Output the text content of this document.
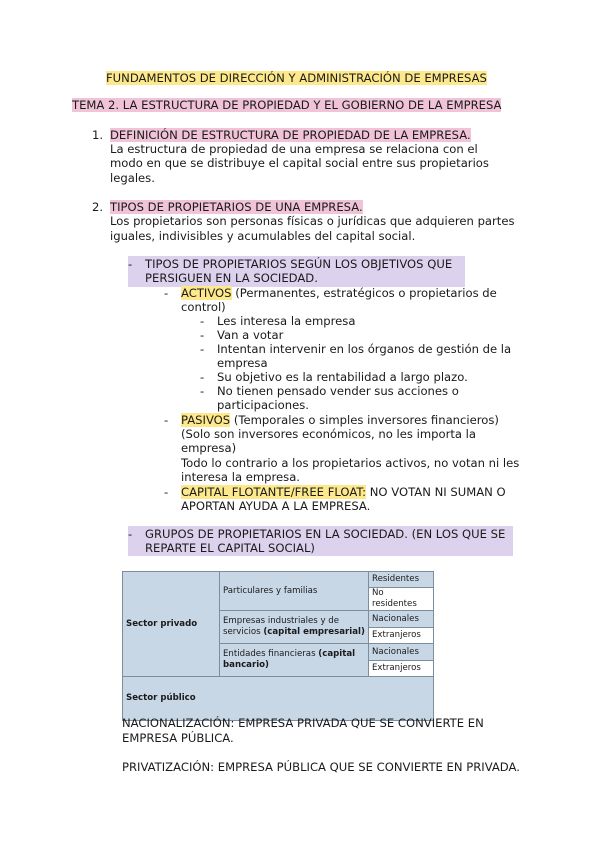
FUNDAMENTOS DE DIRECCIÓN Y ADMINISTRACIÓN DE EMPRESAS
TEMA 2. LA ESTRUCTURA DE PROPIEDAD Y EL GOBIERNO DE LA EMPRESA
1. DEFINICIÓN DE ESTRUCTURA DE PROPIEDAD DE LA EMPRESA.
La estructura de propiedad de una empresa se relaciona con el
modo en que se distribuye el capital social entre sus propietarios
legales.
2. TIPOS DE PROPIETARIOS DE UNA EMPRESA.
Los propietarios son personas físicas o jurídicas que adquieren partes
iguales, indivisibles y acumulables del capital social.
- TIPOS DE PROPIETARIOS SEGÚN LOS OBJETIVOS QUE
PERSIGUEN EN LA SOCIEDAD.
- ACTIVOS (Permanentes, estratégicos o propietarios de
control)
- Les interesa la empresa
- Van a votar
- Intentan intervenir en los órganos de gestión de la
empresa
- Su objetivo es la rentabilidad a largo plazo.
- No tienen pensado vender sus acciones o
participaciones.
- PASIVOS (Temporales o simples inversores financieros)
(Solo son inversores económicos, no les importa la
empresa)
Todo lo contrario a los propietarios activos, no votan ni les
interesa la empresa.
- CAPITAL FLOTANTE/FREE FLOAT: NO VOTAN NI SUMAN O
APORTAN AYUDA A LA EMPRESA.
- GRUPOS DE PROPIETARIOS EN LA SOCIEDAD. (EN LOS QUE SE
REPARTE EL CAPITAL SOCIAL)
Sector privado	Particulares y familias	Residentes
		No residentes
	Empresas industriales y de servicios (capital empresarial)	Nacionales
		Extranjeros
	Entidades financieras (capital bancario)	Nacionales
		Extranjeros
Sector público		
NACIONALIZACIÓN: EMPRESA PRIVADA QUE SE CONVIERTE EN
EMPRESA PÚBLICA.
PRIVATIZACIÓN: EMPRESA PÚBLICA QUE SE CONVIERTE EN PRIVADA.
